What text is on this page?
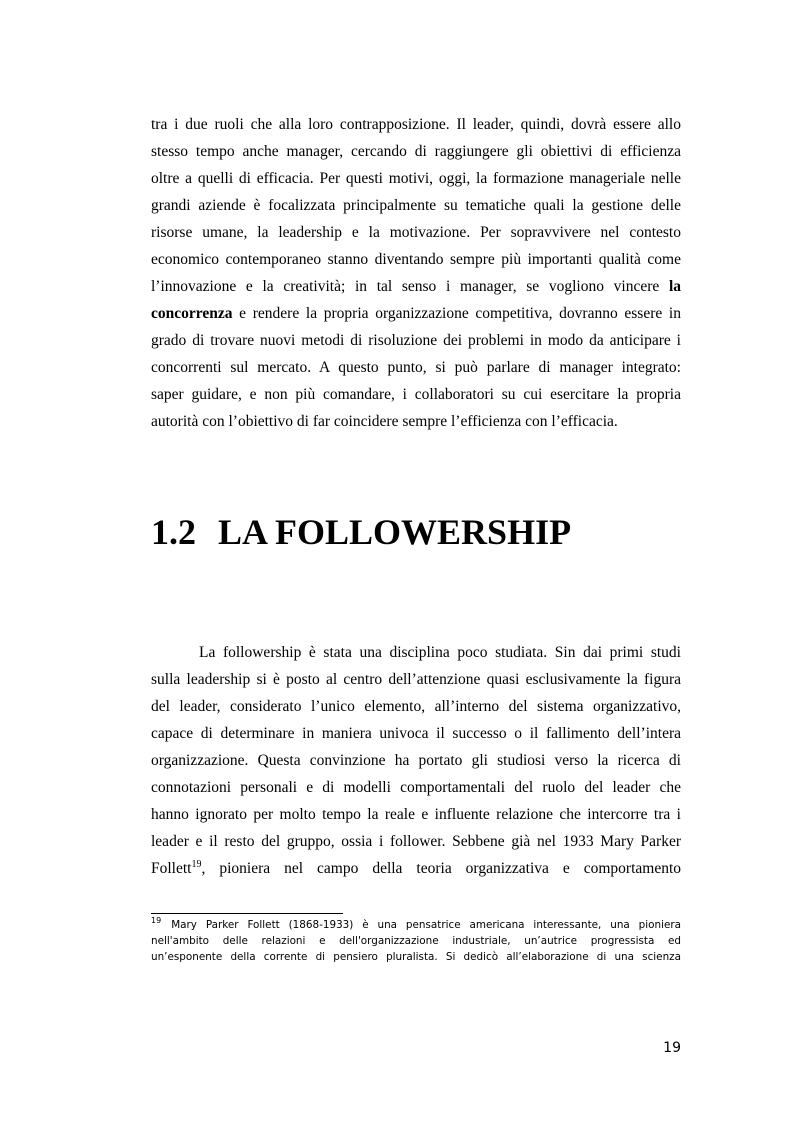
tra i due ruoli che alla loro contrapposizione. Il leader, quindi, dovrà essere allo
stesso tempo anche manager, cercando di raggiungere gli obiettivi di efficienza
oltre a quelli di efficacia. Per questi motivi, oggi, la formazione manageriale nelle
grandi aziende è focalizzata principalmente su tematiche quali la gestione delle
risorse umane, la leadership e la motivazione. Per sopravvivere nel contesto
economico contemporaneo stanno diventando sempre più importanti qualità come
l’innovazione e la creatività; in tal senso i manager, se vogliono vincere la
concorrenza e rendere la propria organizzazione competitiva, dovranno essere in
grado di trovare nuovi metodi di risoluzione dei problemi in modo da anticipare i
concorrenti sul mercato. A questo punto, si può parlare di manager integrato:
saper guidare, e non più comandare, i collaboratori su cui esercitare la propria
autorità con l’obiettivo di far coincidere sempre l’efficienza con l’efficacia.

1.2 LA FOLLOWERSHIP

La followership è stata una disciplina poco studiata. Sin dai primi studi
sulla leadership si è posto al centro dell’attenzione quasi esclusivamente la figura
del leader, considerato l’unico elemento, all’interno del sistema organizzativo,
capace di determinare in maniera univoca il successo o il fallimento dell’intera
organizzazione. Questa convinzione ha portato gli studiosi verso la ricerca di
connotazioni personali e di modelli comportamentali del ruolo del leader che
hanno ignorato per molto tempo la reale e influente relazione che intercorre tra i
leader e il resto del gruppo, ossia i follower. Sebbene già nel 1933 Mary Parker
Follett$^{19}$, pioniera nel campo della teoria organizzativa e comportamento

$^{19}$ Mary Parker Follett (1868-1933) è una pensatrice americana interessante, una pioniera
nell'ambito delle relazioni e dell'organizzazione industriale, un’autrice progressista ed
un’esponente della corrente di pensiero pluralista. Si dedicò all’elaborazione di una scienza

19
